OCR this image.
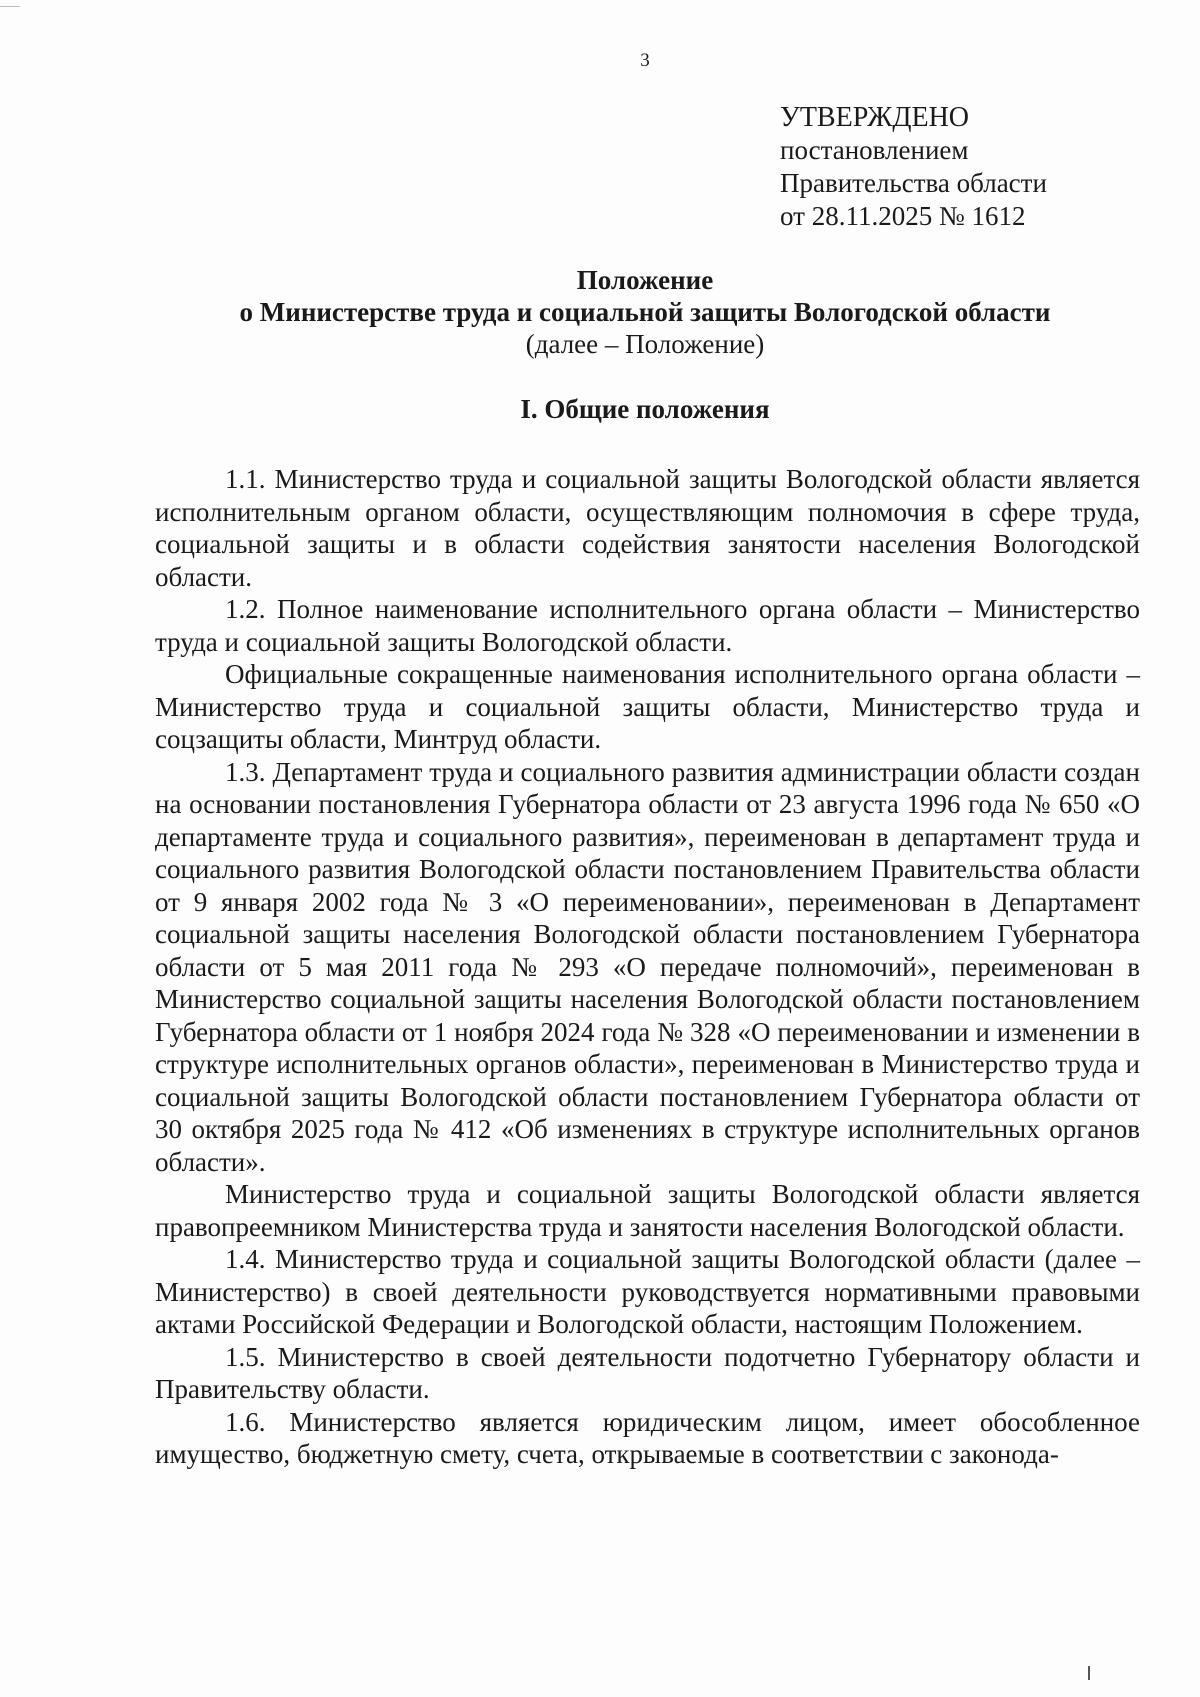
3
УТВЕРЖДЕНО
постановлением
Правительства области
от 28.11.2025 № 1612
Положение
о Министерстве труда и социальной защиты Вологодской области
(далее – Положение)
I. Общие положения

1.1. Министерство труда и социальной защиты Вологодской области является исполнительным органом области, осуществляющим полномочия в сфере труда, социальной защиты и в области содействия занятости населения Вологодской области.

1.2. Полное наименование исполнительного органа области – Министерство труда и социальной защиты Вологодской области.

Официальные сокращенные наименования исполнительного органа области – Министерство труда и социальной защиты области, Министерство труда и соцзащиты области, Минтруд области.

1.3. Департамент труда и социального развития администрации области создан на основании постановления Губернатора области от 23 августа 1996 года № 650 «О департаменте труда и социального развития», переименован в департамент труда и социального развития Вологодской области постановлением Правительства области от 9 января 2002 года № 3 «О переименовании», переименован в Департамент социальной защиты населения Вологодской области постановлением Губернатора области от 5 мая 2011 года № 293 «О передаче полномочий», переименован в Министерство социальной защиты населения Вологодской области постановлением Губернатора области от 1 ноября 2024 года № 328 «О переименовании и изменении в структуре исполнительных органов области», переименован в Министерство труда и социальной защиты Вологодской области постановлением Губернатора области от 30 октября 2025 года № 412 «Об изменениях в структуре исполнительных органов области».

Министерство труда и социальной защиты Вологодской области является правопреемником Министерства труда и занятости населения Вологодской области.

1.4. Министерство труда и социальной защиты Вологодской области (далее – Министерство) в своей деятельности руководствуется нормативными правовыми актами Российской Федерации и Вологодской области, настоящим Положением.

1.5. Министерство в своей деятельности подотчетно Губернатору области и Правительству области.

1.6. Министерство является юридическим лицом, имеет обособленное имущество, бюджетную смету, счета, открываемые в соответствии с законода-
